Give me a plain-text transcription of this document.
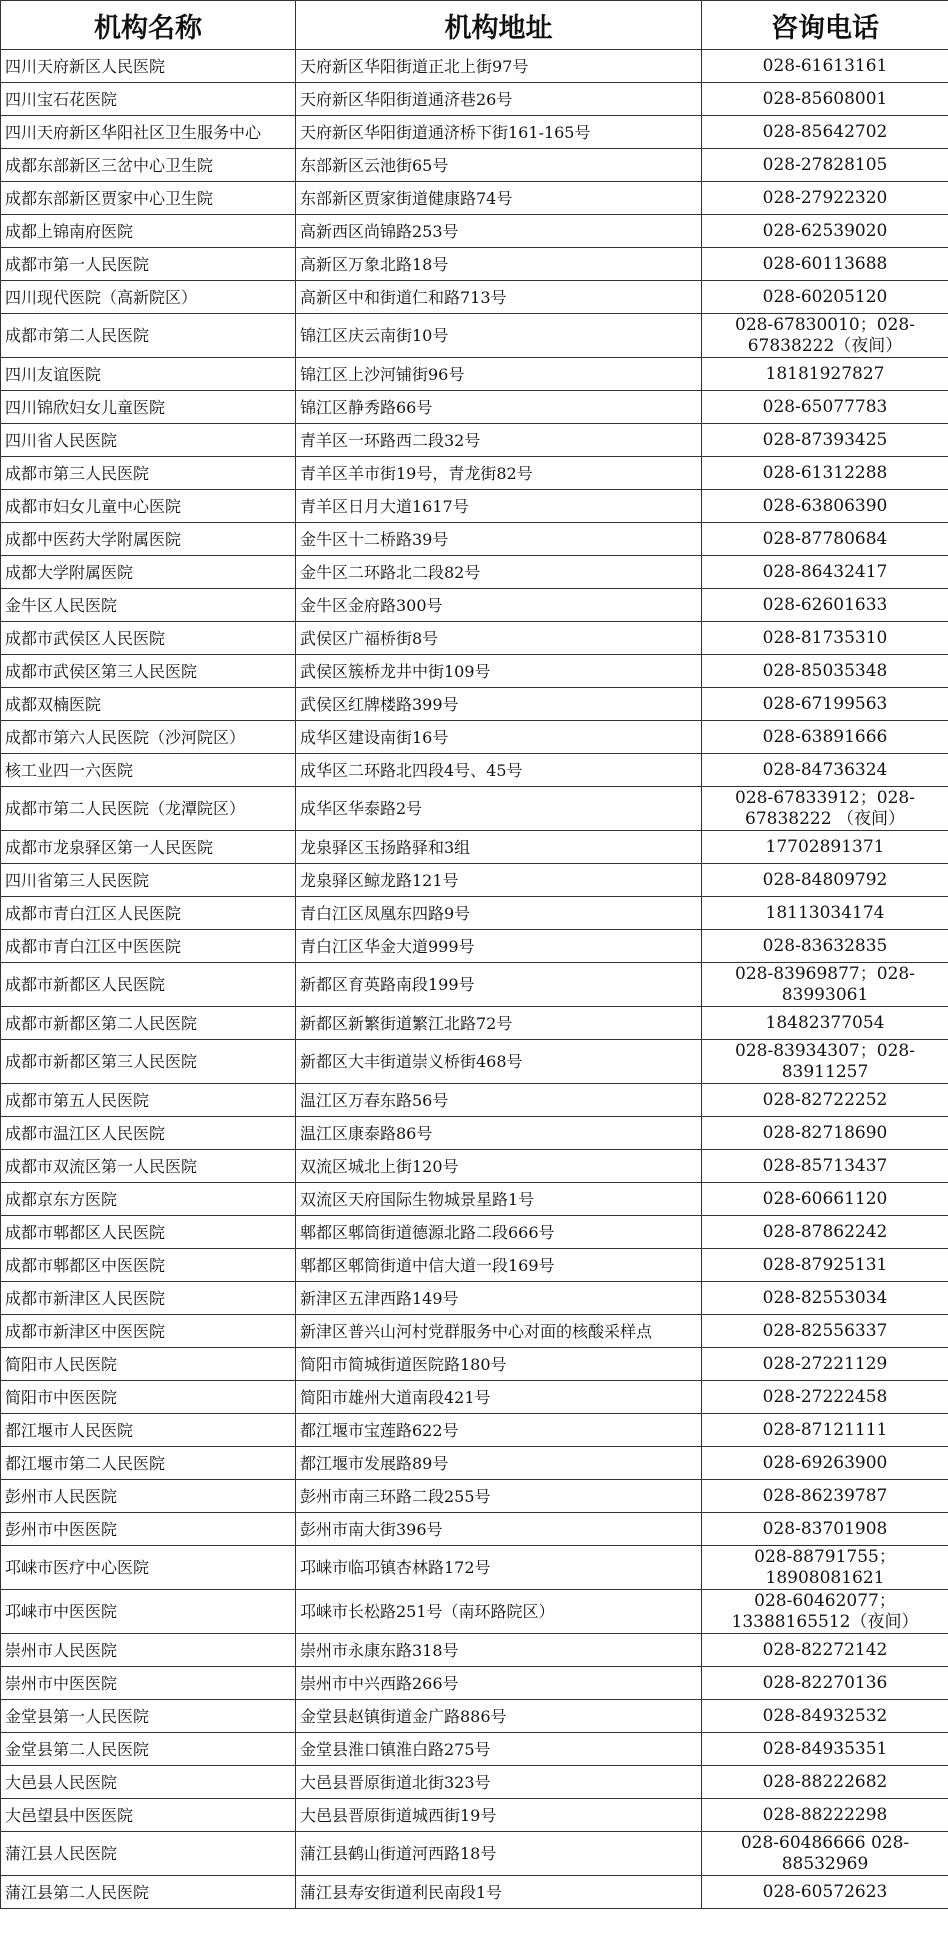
机构名称	机构地址	咨询电话
四川天府新区人民医院	天府新区华阳街道正北上街97号	028-61613161
四川宝石花医院	天府新区华阳街道通济巷26号	028-85608001
四川天府新区华阳社区卫生服务中心	天府新区华阳街道通济桥下街161-165号	028-85642702
成都东部新区三岔中心卫生院	东部新区云池街65号	028-27828105
成都东部新区贾家中心卫生院	东部新区贾家街道健康路74号	028-27922320
成都上锦南府医院	高新西区尚锦路253号	028-62539020
成都市第一人民医院	高新区万象北路18号	028-60113688
四川现代医院（高新院区）	高新区中和街道仁和路713号	028-60205120
成都市第二人民医院	锦江区庆云南街10号	028-67830010；028-67838222（夜间）
四川友谊医院	锦江区上沙河铺街96号	18181927827
四川锦欣妇女儿童医院	锦江区静秀路66号	028-65077783
四川省人民医院	青羊区一环路西二段32号	028-87393425
成都市第三人民医院	青羊区羊市街19号，青龙街82号	028-61312288
成都市妇女儿童中心医院	青羊区日月大道1617号	028-63806390
成都中医药大学附属医院	金牛区十二桥路39号	028-87780684
成都大学附属医院	金牛区二环路北二段82号	028-86432417
金牛区人民医院	金牛区金府路300号	028-62601633
成都市武侯区人民医院	武侯区广福桥街8号	028-81735310
成都市武侯区第三人民医院	武侯区簇桥龙井中街109号	028-85035348
成都双楠医院	武侯区红牌楼路399号	028-67199563
成都市第六人民医院（沙河院区）	成华区建设南街16号	028-63891666
核工业四一六医院	成华区二环路北四段4号、45号	028-84736324
成都市第二人民医院（龙潭院区）	成华区华泰路2号	028-67833912；028-67838222 （夜间）
成都市龙泉驿区第一人民医院	龙泉驿区玉扬路驿和3组	17702891371
四川省第三人民医院	龙泉驿区鲸龙路121号	028-84809792
成都市青白江区人民医院	青白江区凤凰东四路9号	18113034174
成都市青白江区中医医院	青白江区华金大道999号	028-83632835
成都市新都区人民医院	新都区育英路南段199号	028-83969877；028-83993061
成都市新都区第二人民医院	新都区新繁街道繁江北路72号	18482377054
成都市新都区第三人民医院	新都区大丰街道崇义桥街468号	028-83934307；028-83911257
成都市第五人民医院	温江区万春东路56号	028-82722252
成都市温江区人民医院	温江区康泰路86号	028-82718690
成都市双流区第一人民医院	双流区城北上街120号	028-85713437
成都京东方医院	双流区天府国际生物城景星路1号	028-60661120
成都市郫都区人民医院	郫都区郫筒街道德源北路二段666号	028-87862242
成都市郫都区中医医院	郫都区郫筒街道中信大道一段169号	028-87925131
成都市新津区人民医院	新津区五津西路149号	028-82553034
成都市新津区中医医院	新津区普兴山河村党群服务中心对面的核酸采样点	028-82556337
简阳市人民医院	简阳市简城街道医院路180号	028-27221129
简阳市中医医院	简阳市雄州大道南段421号	028-27222458
都江堰市人民医院	都江堰市宝莲路622号	028-87121111
都江堰市第二人民医院	都江堰市发展路89号	028-69263900
彭州市人民医院	彭州市南三环路二段255号	028-86239787
彭州市中医医院	彭州市南大街396号	028-83701908
邛崃市医疗中心医院	邛崃市临邛镇杏林路172号	028-88791755；18908081621
邛崃市中医医院	邛崃市长松路251号（南环路院区）	028-60462077；13388165512（夜间）
崇州市人民医院	崇州市永康东路318号	028-82272142
崇州市中医医院	崇州市中兴西路266号	028-82270136
金堂县第一人民医院	金堂县赵镇街道金广路886号	028-84932532
金堂县第二人民医院	金堂县淮口镇淮白路275号	028-84935351
大邑县人民医院	大邑县晋原街道北街323号	028-88222682
大邑望县中医医院	大邑县晋原街道城西街19号	028-88222298
蒲江县人民医院	蒲江县鹤山街道河西路18号	028-60486666 028-88532969
蒲江县第二人民医院	蒲江县寿安街道利民南段1号	028-60572623
